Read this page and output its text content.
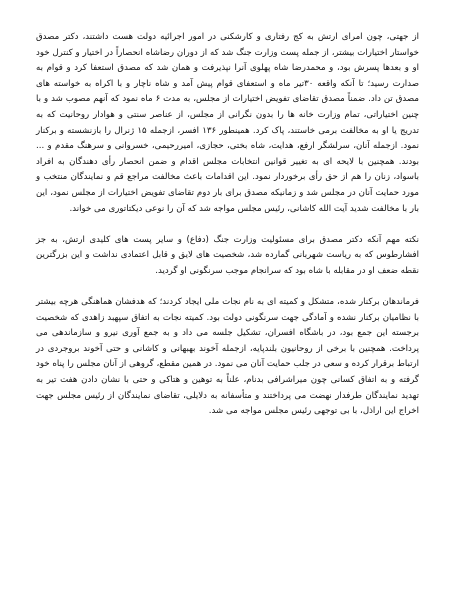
از جهتی، چون امرای ارتش به کج رفتاری و کارشکنی در امور اجرائیه دولت هست داشتند، دکتر مصدق خواستار اختیارات بیشتر، از جمله پست وزارت جنگ شد که از دوران رضاشاه انحصاراً در اختیار و کنترل خود او و بعدها پسرش بود، و محمدرضا شاه پهلوی آنرا نپذیرفت و همان شد که مصدق استعفا کرد و قوام به صدارت رسید؛ تا آنکه واقعه ۳۰تیر ماه و استعفای قوام پیش آمد و شاه ناچار و با اکراه به خواسته های مصدق تن داد. ضمناً مصدق تقاضای تفویض اختیارات از مجلس، به مدت ۶ ماه نمود که آنهم مصوب شد و با چنین اختیاراتی، تمام وزارت خانه ها را بدون نگرانی از مجلس، از عناصر سنتی و هوادار روحانیت که به تدریج یا او به مخالفت برمی خاستند، پاک کرد. همینطور ۱۳۶ افسر، ازجمله ۱۵ ژنرال را بازنشسته و برکنار نمود. ازجمله آنان، سرلشگر ارفع، هدایت، شاه بختی، حجازی، امیررحیمی، خسروانی و سرهنگ مقدم و ... بودند. همچنین با لایحه ای به تغییر قوانین انتخابات مجلس اقدام و ضمن انحصار رأی دهندگان به افراد باسواد، زنان را هم از حق رأی برخوردار نمود. این اقدامات باعث مخالفت مراجع قم و نمایندگان منتخب و مورد حمایت آنان در مجلس شد و زمانیکه مصدق برای بار دوم تقاضای تفویض اختیارات از مجلس نمود، این بار با مخالفت شدید آیت الله کاشانی، رئیس مجلس مواجه شد که آن را نوعی دیکتاتوری می خواند.

نکته مهم آنکه دکتر مصدق برای مسئولیت وزارت جنگ (دفاع) و سایر پست های کلیدی ارتش، به جز افشارطوس که به ریاست شهربانی گمارده شد، شخصیت های لایق و قابل اعتمادی نداشت و این بزرگترین نقطه ضعف او در مقابله با شاه بود که سرانجام موجب سرنگونی او گردید.

فرماندهان برکنار شده، متشکل و کمیته ای به نام نجات ملی ایجاد کردند؛ که هدفشان هماهنگی هرچه بیشتر با نظامیان برکنار نشده و آمادگی جهت سرنگونی دولت بود. کمیته نجات به اتفاق سپهبد زاهدی که شخصیت برجسته این جمع بود، در باشگاه افسران، تشکیل جلسه می داد و به جمع آوری نیرو و سازماندهی می پرداخت. همچنین با برخی از روحانیون بلندپایه، ازجمله آخوند بهبهانی و کاشانی و حتی آخوند بروجردی در ارتباط برقرار کرده و سعی در جلب حمایت آنان می نمود. در همین مقطع، گروهی از آنان مجلس را پناه خود گرفته و به اتفاق کسانی چون میراشرافی بدنام، علناً به توهین و هتاکی و حتی با نشان دادن هفت تیر به تهدید نمایندگان طرفدار نهضت می پرداختند و متأسفانه به دلایلی، تقاضای نمایندگان از رئیس مجلس جهت اخراج این اراذل، با بی توجهی رئیس مجلس مواجه می شد.
